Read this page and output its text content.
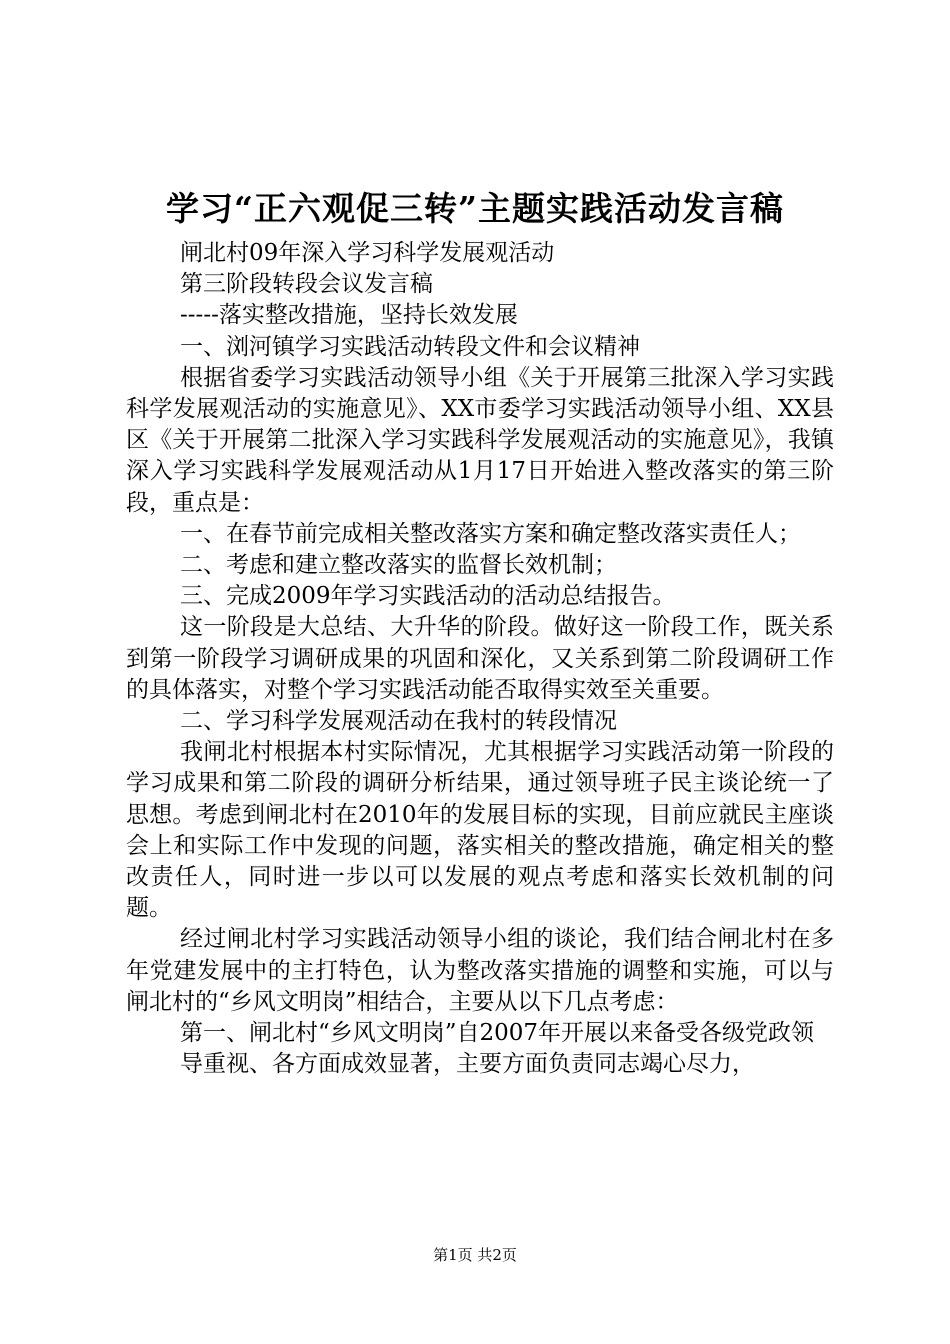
学习“正六观促三转”主题实践活动发言稿

闸北村09年深入学习科学发展观活动

第三阶段转段会议发言稿

-----落实整改措施，坚持长效发展

一、浏河镇学习实践活动转段文件和会议精神

根据省委学习实践活动领导小组《关于开展第三批深入学习实践科学发展观活动的实施意见》、XX市委学习实践活动领导小组、XX县区《关于开展第二批深入学习实践科学发展观活动的实施意见》，我镇深入学习实践科学发展观活动从1月17日开始进入整改落实的第三阶段，重点是：

一、在春节前完成相关整改落实方案和确定整改落实责任人；

二、考虑和建立整改落实的监督长效机制；

三、完成2009年学习实践活动的活动总结报告。

这一阶段是大总结、大升华的阶段。做好这一阶段工作，既关系到第一阶段学习调研成果的巩固和深化，又关系到第二阶段调研工作的具体落实，对整个学习实践活动能否取得实效至关重要。

二、学习科学发展观活动在我村的转段情况

我闸北村根据本村实际情况，尤其根据学习实践活动第一阶段的学习成果和第二阶段的调研分析结果，通过领导班子民主谈论统一了思想。考虑到闸北村在2010年的发展目标的实现，目前应就民主座谈会上和实际工作中发现的问题，落实相关的整改措施，确定相关的整改责任人，同时进一步以可以发展的观点考虑和落实长效机制的问题。

经过闸北村学习实践活动领导小组的谈论，我们结合闸北村在多年党建发展中的主打特色，认为整改落实措施的调整和实施，可以与闸北村的“乡风文明岗”相结合，主要从以下几点考虑：

第一、闸北村“乡风文明岗”自2007年开展以来备受各级党政领

导重视、各方面成效显著，主要方面负责同志竭心尽力，

第1页 共2页
